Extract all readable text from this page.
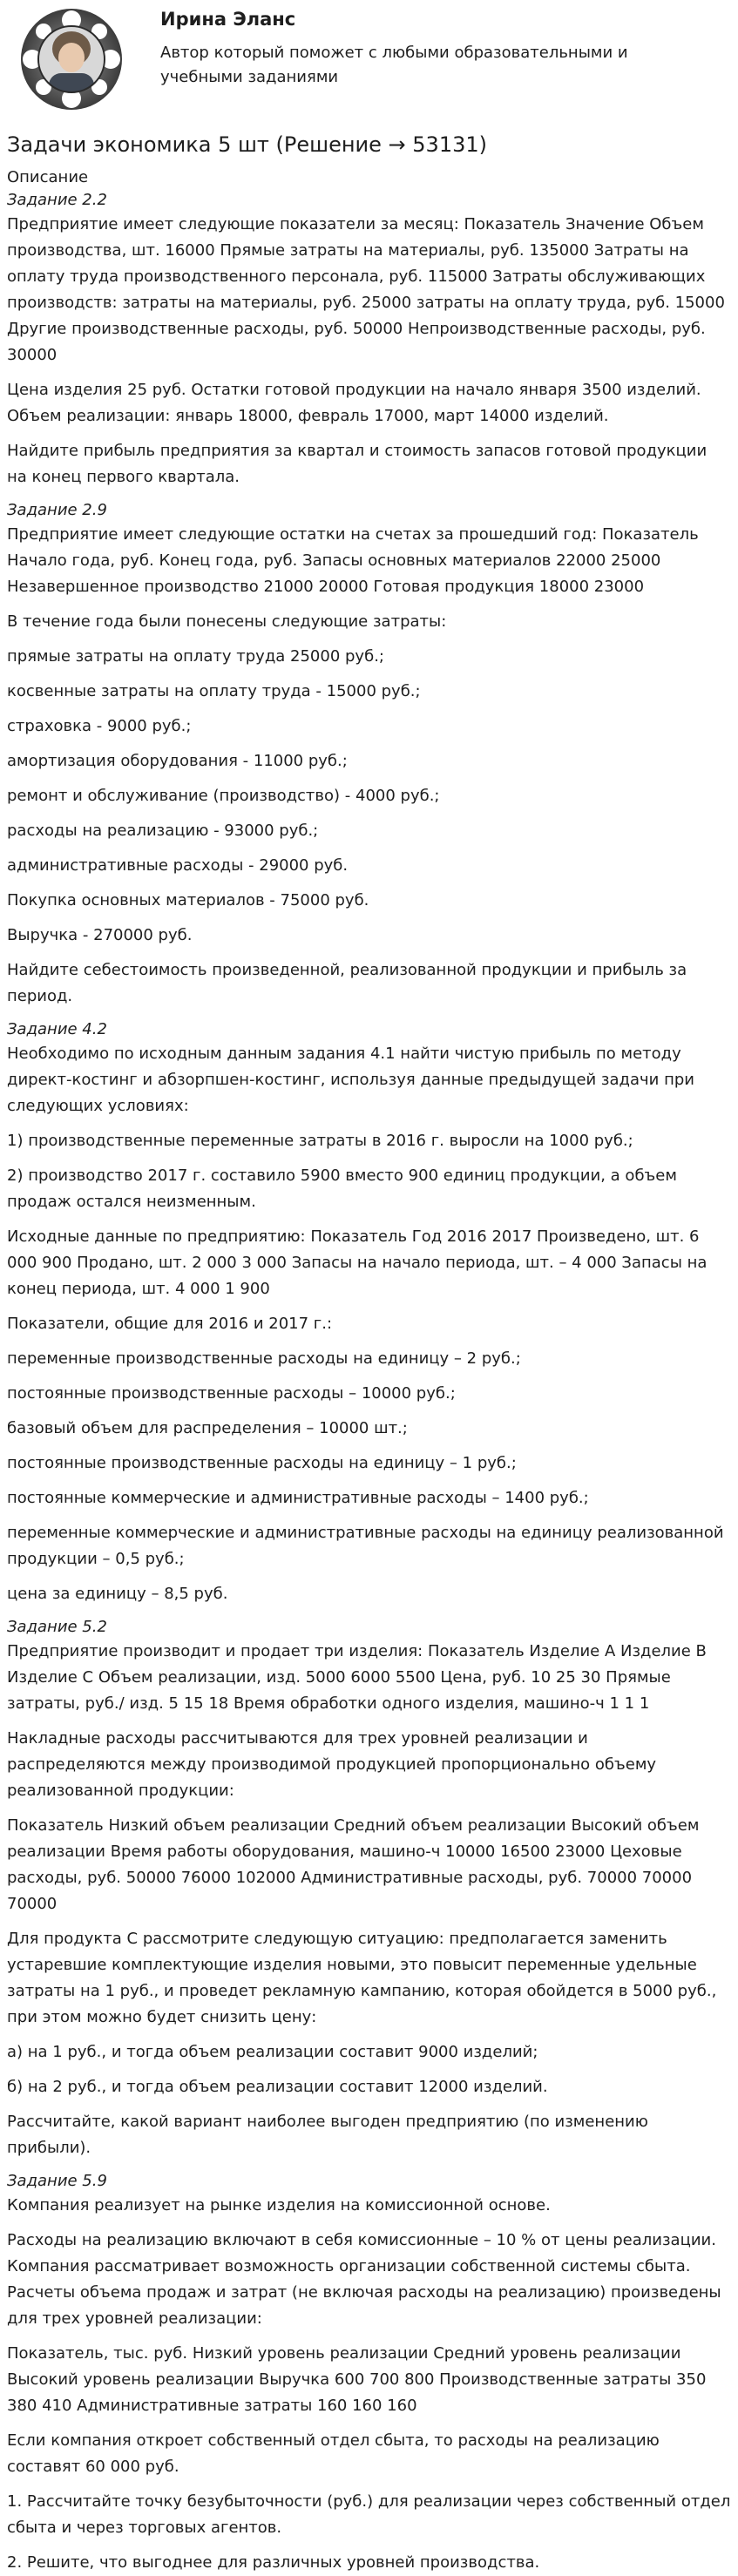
Ирина Эланс
Автор который поможет с любыми образовательными и учебными заданиями
Задачи экономика 5 шт (Решение → 53131)
Описание
Задание 2.2

Предприятие имеет следующие показатели за месяц: Показатель Значение Объем производства, шт. 16000 Прямые затраты на материалы, руб. 135000 Затраты на оплату труда производственного персонала, руб. 115000 Затраты обслуживающих производств: затраты на материалы, руб. 25000 затраты на оплату труда, руб. 15000 Другие производственные расходы, руб. 50000 Непроизводственные расходы, руб. 30000

Цена изделия 25 руб. Остатки готовой продукции на начало января 3500 изделий. Объем реализации: январь 18000, февраль 17000, март 14000 изделий.

Найдите прибыль предприятия за квартал и стоимость запасов готовой продукции на конец первого квартала.

Задание 2.9

Предприятие имеет следующие остатки на счетах за прошедший год: Показатель Начало года, руб. Конец года, руб. Запасы основных материалов 22000 25000 Незавершенное производство 21000 20000 Готовая продукция 18000 23000

В течение года были понесены следующие затраты:

прямые затраты на оплату труда 25000 руб.;

косвенные затраты на оплату труда - 15000 руб.;

страховка - 9000 руб.;

амортизация оборудования - 11000 руб.;

ремонт и обслуживание (производство) - 4000 руб.;

расходы на реализацию - 93000 руб.;

административные расходы - 29000 руб.

Покупка основных материалов - 75000 руб.

Выручка - 270000 руб.

Найдите себестоимость произведенной, реализованной продукции и прибыль за период.

Задание 4.2

Необходимо по исходным данным задания 4.1 найти чистую прибыль по методу директ-костинг и абзорпшен-костинг, используя данные предыдущей задачи при следующих условиях:

1) производственные переменные затраты в 2016 г. выросли на 1000 руб.;

2) производство 2017 г. составило 5900 вместо 900 единиц продукции, а объем продаж остался неизменным.

Исходные данные по предприятию: Показатель Год 2016 2017 Произведено, шт. 6 000 900 Продано, шт. 2 000 3 000 Запасы на начало периода, шт. – 4 000 Запасы на конец периода, шт. 4 000 1 900

Показатели, общие для 2016 и 2017 г.:

переменные производственные расходы на единицу – 2 руб.;

постоянные производственные расходы – 10000 руб.;

базовый объем для распределения – 10000 шт.;

постоянные производственные расходы на единицу – 1 руб.;

постоянные коммерческие и административные расходы – 1400 руб.;

переменные коммерческие и административные расходы на единицу реализованной продукции – 0,5 руб.;

цена за единицу – 8,5 руб.

Задание 5.2

Предприятие производит и продает три изделия: Показатель Изделие A Изделие B Изделие C Объем реализации, изд. 5000 6000 5500 Цена, руб. 10 25 30 Прямые затраты, руб./ изд. 5 15 18 Время обработки одного изделия, машино-ч 1 1 1

Накладные расходы рассчитываются для трех уровней реализации и распределяются между производимой продукцией пропорционально объему реализованной продукции:

Показатель Низкий объем реализации Средний объем реализации Высокий объем реализации Время работы оборудования, машино-ч 10000 16500 23000 Цеховые расходы, руб. 50000 76000 102000 Административные расходы, руб. 70000 70000 70000

Для продукта С рассмотрите следующую ситуацию: предполагается заменить устаревшие комплектующие изделия новыми, это повысит переменные удельные затраты на 1 руб., и проведет рекламную кампанию, которая обойдется в 5000 руб., при этом можно будет снизить цену:

а) на 1 руб., и тогда объем реализации составит 9000 изделий;

б) на 2 руб., и тогда объем реализации составит 12000 изделий.

Рассчитайте, какой вариант наиболее выгоден предприятию (по изменению прибыли).

Задание 5.9

Компания реализует на рынке изделия на комиссионной основе.

Расходы на реализацию включают в себя комиссионные – 10 % от цены реализации. Компания рассматривает возможность организации собственной системы сбыта. Расчеты объема продаж и затрат (не включая расходы на реализацию) произведены для трех уровней реализации:

Показатель, тыс. руб. Низкий уровень реализации Средний уровень реализации Высокий уровень реализации Выручка 600 700 800 Производственные затраты 350 380 410 Административные затраты 160 160 160

Если компания откроет собственный отдел сбыта, то расходы на реализацию составят 60 000 руб.

1. Рассчитайте точку безубыточности (руб.) для реализации через собственный отдел сбыта и через торговых агентов.

2. Решите, что выгоднее для различных уровней производства.
